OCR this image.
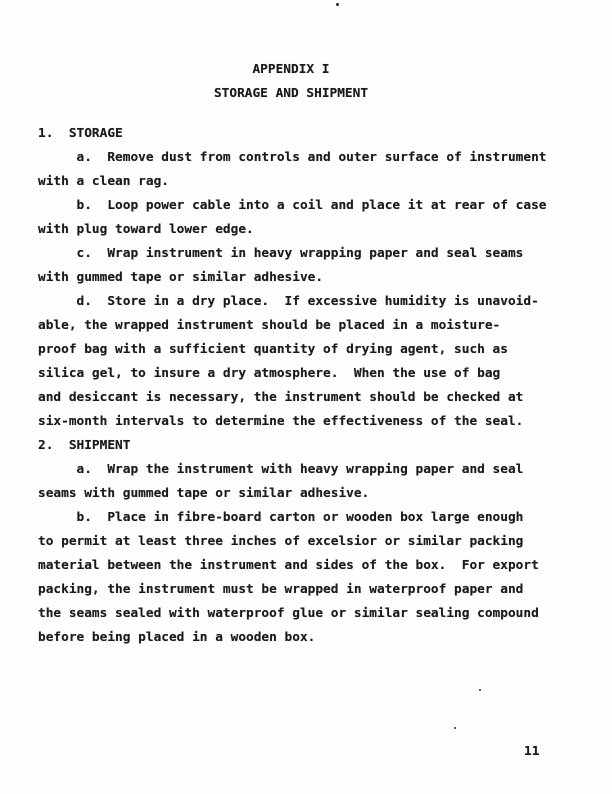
APPENDIX I
STORAGE AND SHIPMENT
1.  STORAGE
a.  Remove dust from controls and outer surface of instrument
with a clean rag.
b.  Loop power cable into a coil and place it at rear of case
with plug toward lower edge.
c.  Wrap instrument in heavy wrapping paper and seal seams
with gummed tape or similar adhesive.
d.  Store in a dry place.  If excessive humidity is unavoid-
able, the wrapped instrument should be placed in a moisture-
proof bag with a sufficient quantity of drying agent, such as
silica gel, to insure a dry atmosphere.  When the use of bag
and desiccant is necessary, the instrument should be checked at
six-month intervals to determine the effectiveness of the seal.
2.  SHIPMENT
a.  Wrap the instrument with heavy wrapping paper and seal
seams with gummed tape or similar adhesive.
b.  Place in fibre-board carton or wooden box large enough
to permit at least three inches of excelsior or similar packing
material between the instrument and sides of the box.  For export
packing, the instrument must be wrapped in waterproof paper and
the seams sealed with waterproof glue or similar sealing compound
before being placed in a wooden box.
11
